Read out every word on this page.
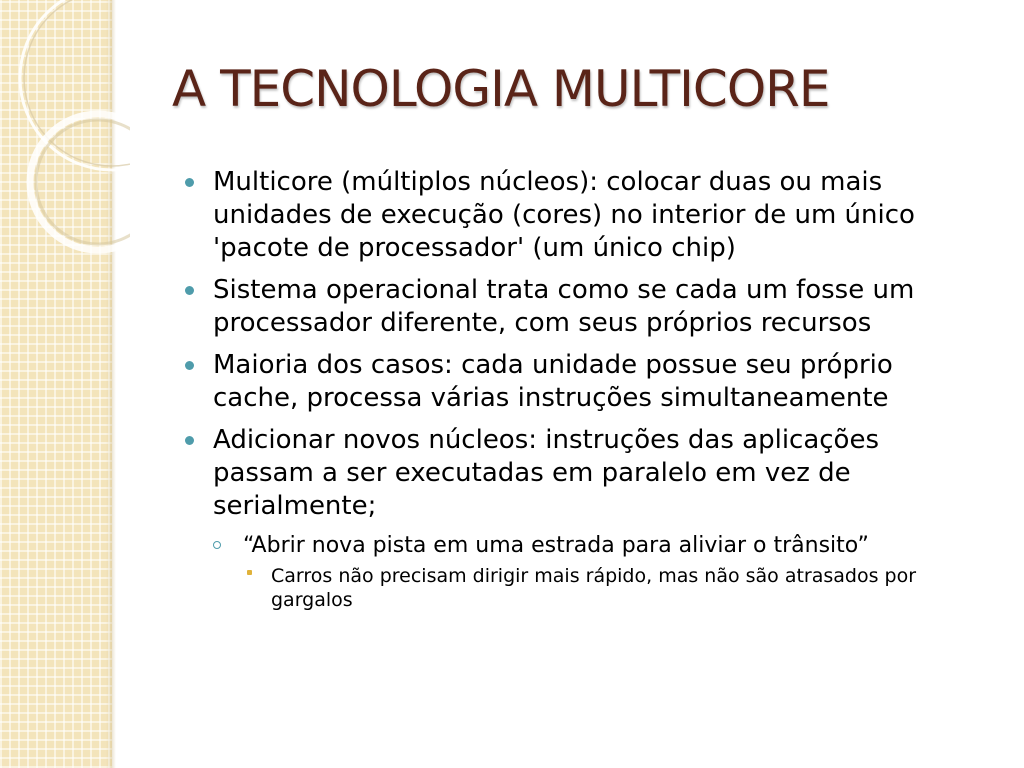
A TECNOLOGIA MULTICORE
Multicore (múltiplos núcleos): colocar duas ou mais unidades de execução (cores) no interior de um único 'pacote de processador' (um único chip)
Sistema operacional trata como se cada um fosse um processador diferente, com seus próprios recursos
Maioria dos casos: cada unidade possue seu próprio cache, processa várias instruções simultaneamente
Adicionar novos núcleos: instruções das aplicações passam a ser executadas em paralelo em vez de serialmente;
“Abrir nova pista em uma estrada para aliviar o trânsito”
Carros não precisam dirigir mais rápido, mas não são atrasados por gargalos
